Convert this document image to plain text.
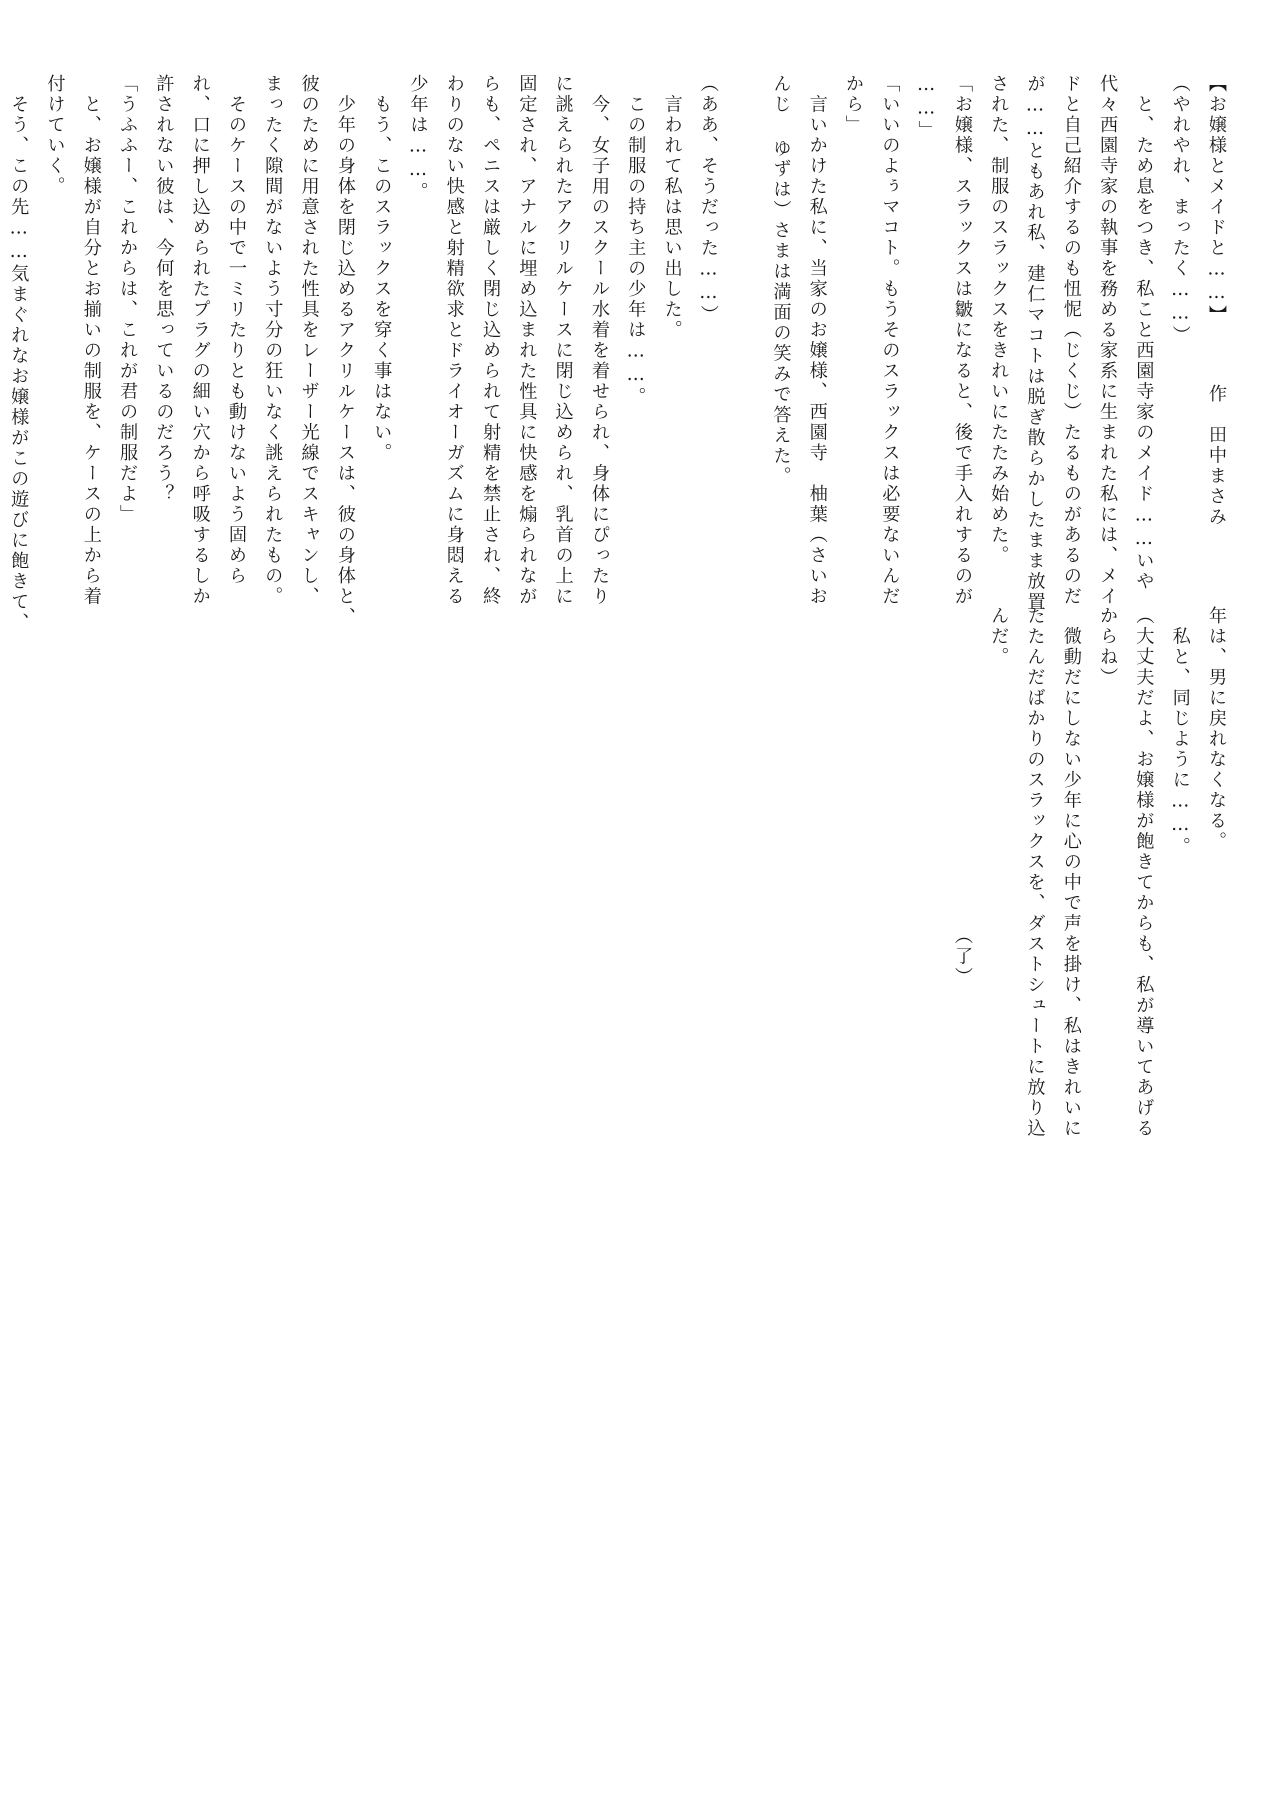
【お嬢様とメイドと……】
作　田中まさみ
（やれやれ、まったく……）
　と、ため息をつき、私こと西園寺家のメイド……いや
代々西園寺家の執事を務める家系に生まれた私には、メイ
ドと自己紹介するのも忸怩（じくじ）たるものがあるのだ
が……ともあれ私、建仁マコトは脱ぎ散らかしたまま放置
された、制服のスラックスをきれいにたたみ始めた。
「お嬢様、スラックスは皺になると、後で手入れするのが
……」
「いいのよぅマコト。もうそのスラックスは必要ないんだ
から」
　言いかけた私に、当家のお嬢様、西園寺　柚葉（さいお
んじ ゆずは）さまは満面の笑みで答えた。

（ああ、そうだった……）
　言われて私は思い出した。
　この制服の持ち主の少年は……。
　今、女子用のスクール水着を着せられ、身体にぴったり
に誂えられたアクリルケースに閉じ込められ、乳首の上に
固定され、アナルに埋め込まれた性具に快感を煽られなが
らも、ペニスは厳しく閉じ込められて射精を禁止され、終
わりのない快感と射精欲求とドライオーガズムに身悶える
少年は……。
　もう、このスラックスを穿く事はない。
　少年の身体を閉じ込めるアクリルケースは、彼の身体と、
彼のために用意された性具をレーザー光線でスキャンし、
まったく隙間がないよう寸分の狂いなく誂えられたもの。
　そのケースの中で一ミリたりとも動けないよう固めら
れ、口に押し込められたプラグの細い穴から呼吸するしか
許されない彼は、今何を思っているのだろう？
「うふふー、これからは、これが君の制服だよ」
　と、お嬢様が自分とお揃いの制服を、ケースの上から着
付けていく。
　そう、この先……気まぐれなお嬢様がこの遊びに飽きて、
年は、男に戻れなくなる。
　私と、同じように……。
（大丈夫だよ、お嬢様が飽きてからも、私が導いてあげる
からね）
　微動だにしない少年に心の中で声を掛け、私はきれいに
たたんだばかりのスラックスを、ダストシュートに放り込
んだ。
（了）
